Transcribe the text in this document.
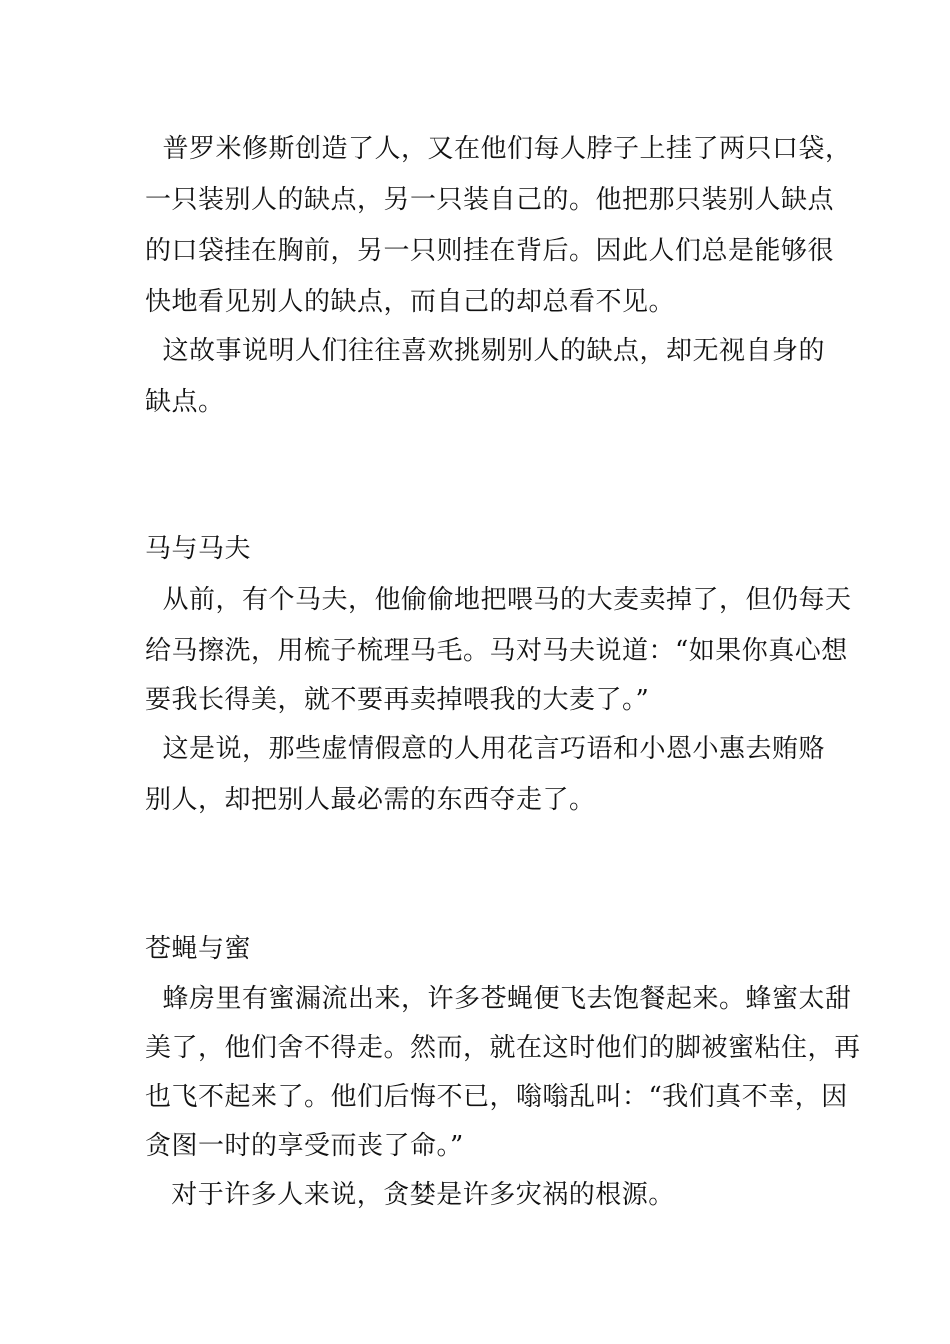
普罗米修斯创造了人，又在他们每人脖子上挂了两只口袋，
一只装别人的缺点，另一只装自己的。他把那只装别人缺点
的口袋挂在胸前，另一只则挂在背后。因此人们总是能够很
快地看见别人的缺点，而自己的却总看不见。
这故事说明人们往往喜欢挑剔别人的缺点，却无视自身的
缺点。
马与马夫
从前，有个马夫，他偷偷地把喂马的大麦卖掉了，但仍每天
给马擦洗，用梳子梳理马毛。马对马夫说道：“如果你真心想
要我长得美，就不要再卖掉喂我的大麦了。”
这是说，那些虚情假意的人用花言巧语和小恩小惠去贿赂
别人，却把别人最必需的东西夺走了。
苍蝇与蜜
蜂房里有蜜漏流出来，许多苍蝇便飞去饱餐起来。蜂蜜太甜
美了，他们舍不得走。然而，就在这时他们的脚被蜜粘住，再
也飞不起来了。他们后悔不已，嗡嗡乱叫：“我们真不幸，因
贪图一时的享受而丧了命。”
对于许多人来说，贪婪是许多灾祸的根源。
